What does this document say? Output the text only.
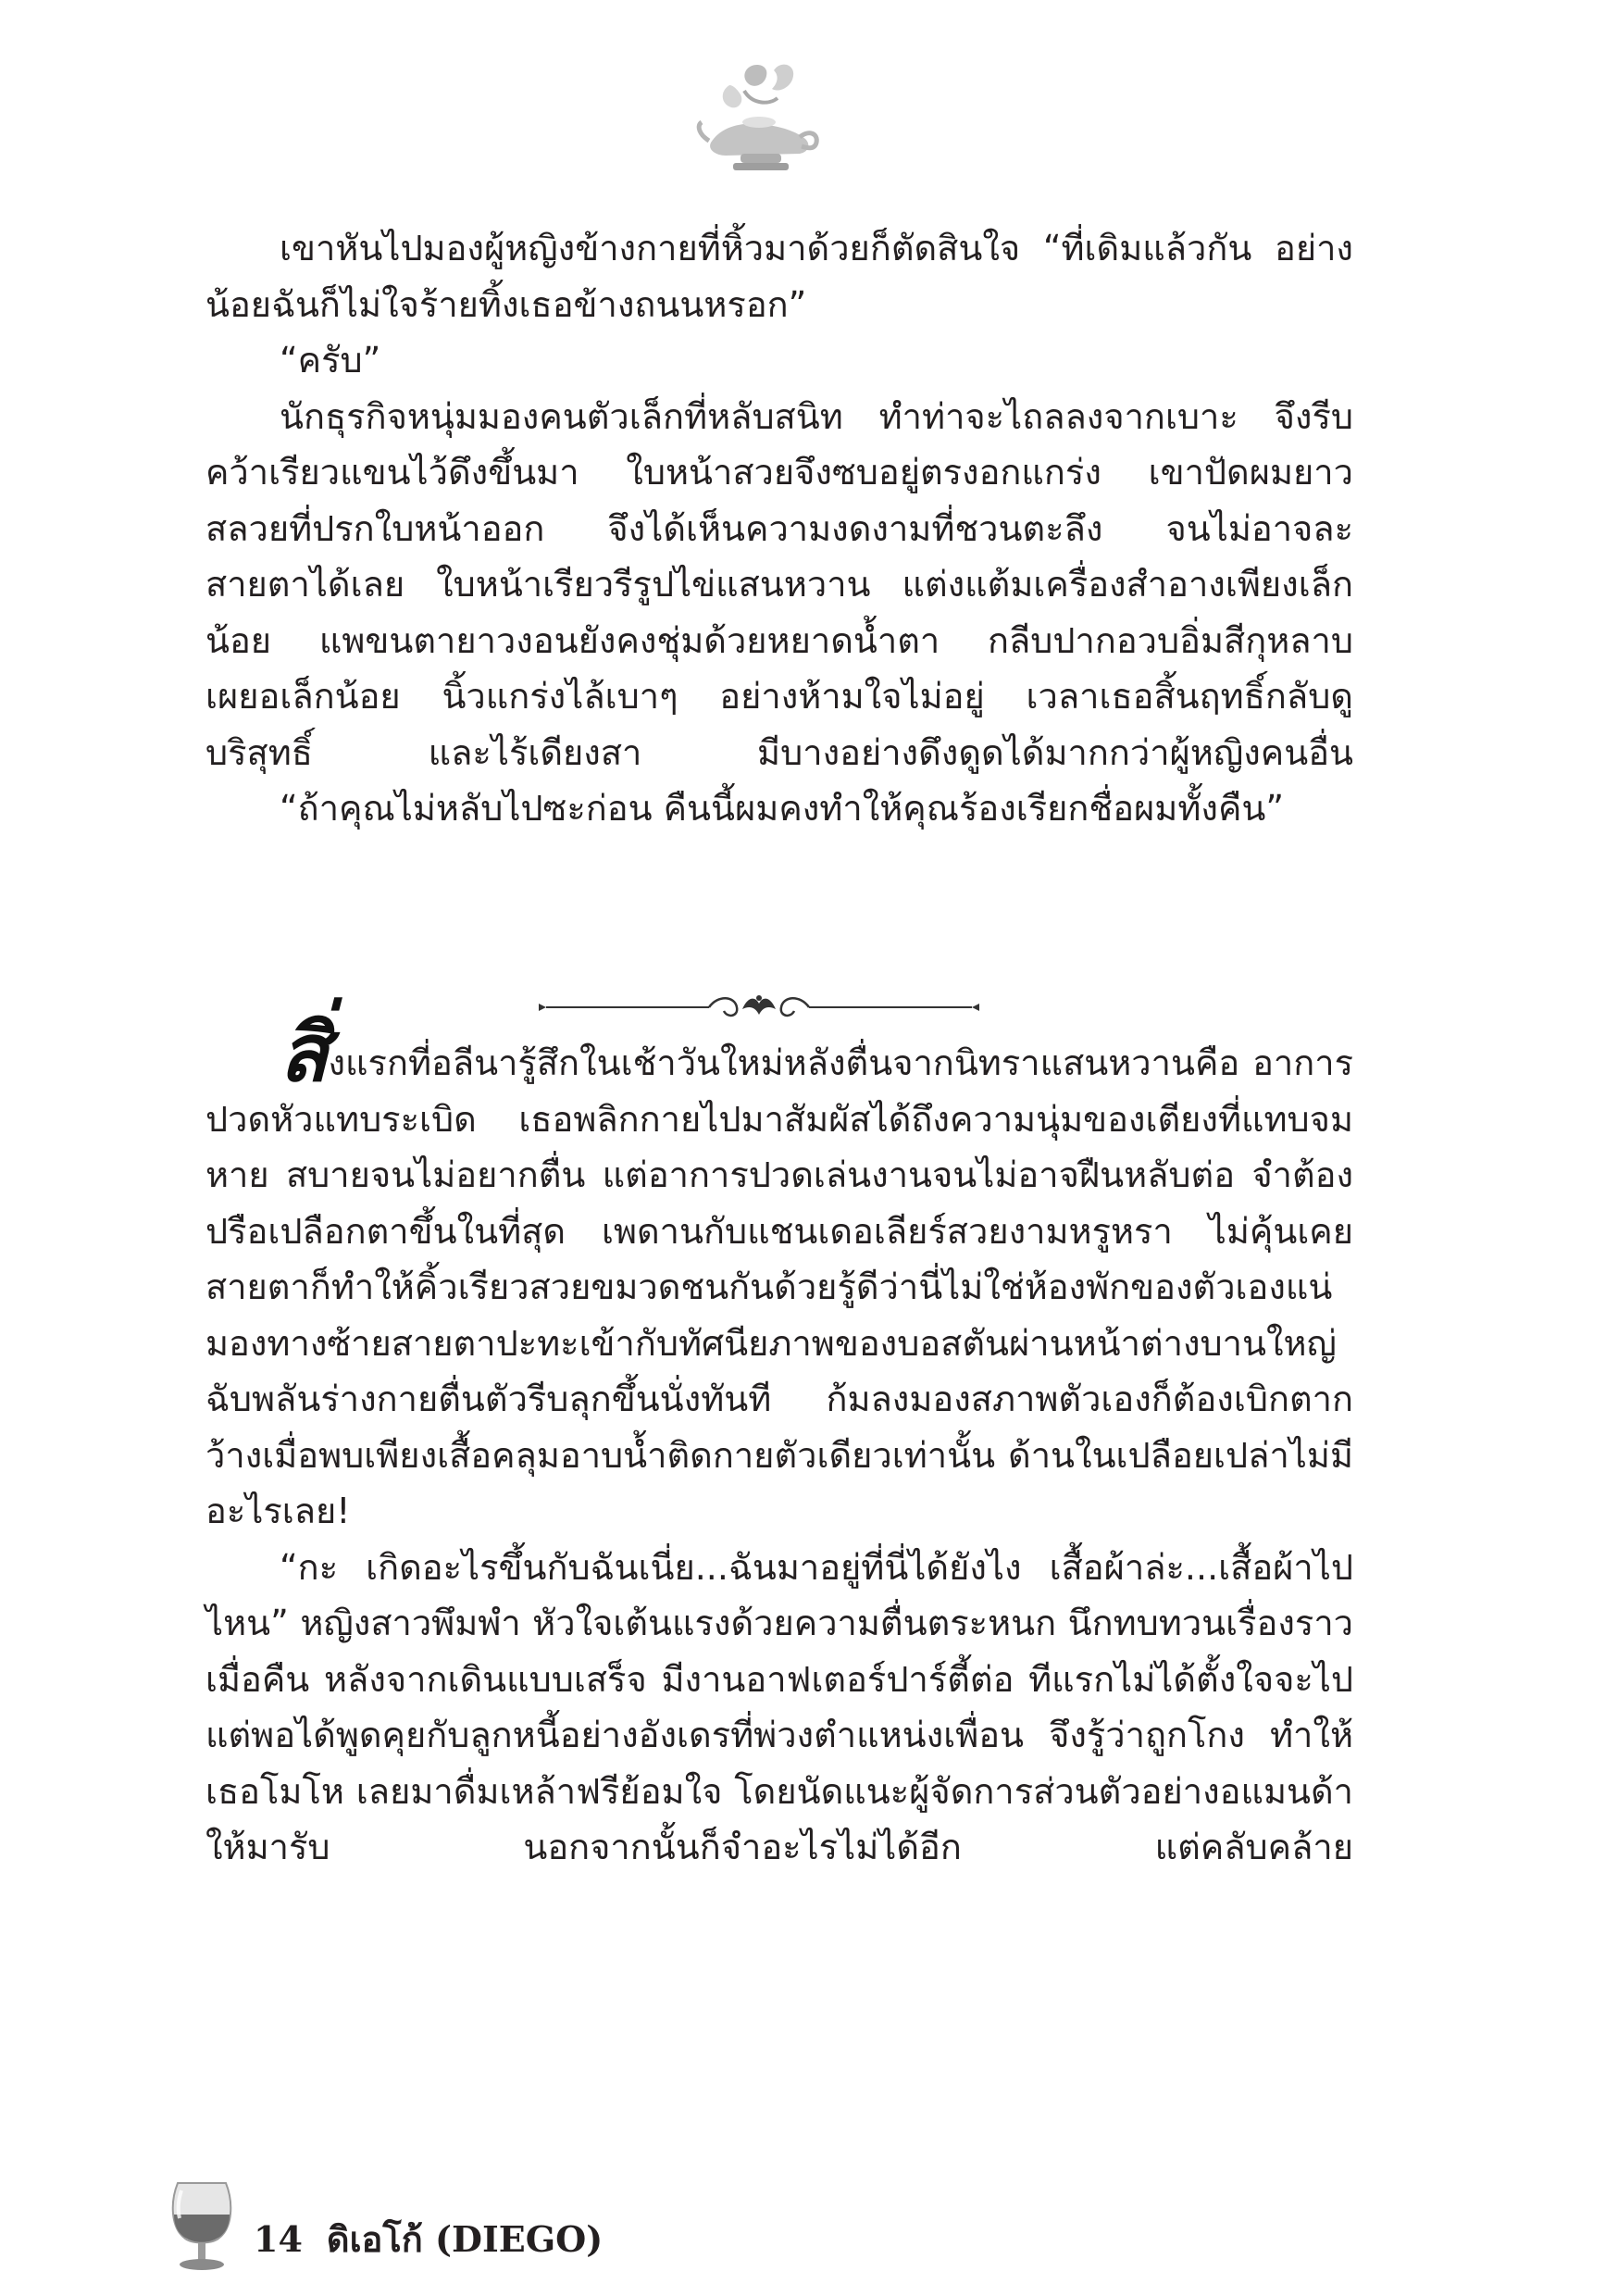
เขาหันไปมองผู้หญิงข้างกายที่หิ้วมาด้วยก็ตัดสินใจ “ที่เดิมแล้วกัน อย่างน้อยฉันก็ไม่ใจร้ายทิ้งเธอข้างถนนหรอก”

“ครับ”

นักธุรกิจหนุ่มมองคนตัวเล็กที่หลับสนิท ทำท่าจะไถลลงจากเบาะ จึงรีบคว้าเรียวแขนไว้ดึงขึ้นมา ใบหน้าสวยจึงซบอยู่ตรงอกแกร่ง เขาปัดผมยาวสลวยที่ปรกใบหน้าออก จึงได้เห็นความงดงามที่ชวนตะลึง จนไม่อาจละสายตาได้เลย ใบหน้าเรียวรีรูปไข่แสนหวาน แต่งแต้มเครื่องสำอางเพียงเล็กน้อย แพขนตายาวงอนยังคงชุ่มด้วยหยาดน้ำตา กลีบปากอวบอิ่มสีกุหลาบเผยอเล็กน้อย นิ้วแกร่งไล้เบาๆ อย่างห้ามใจไม่อยู่ เวลาเธอสิ้นฤทธิ์กลับดูบริสุทธิ์ และไร้เดียงสา มีบางอย่างดึงดูดได้มากกว่าผู้หญิงคนอื่น

“ถ้าคุณไม่หลับไปซะก่อน คืนนี้ผมคงทำให้คุณร้องเรียกชื่อผมทั้งคืน”

สิ่งแรกที่อลีนารู้สึกในเช้าวันใหม่หลังตื่นจากนิทราแสนหวานคือ อาการปวดหัวแทบระเบิด เธอพลิกกายไปมาสัมผัสได้ถึงความนุ่มของเตียงที่แทบจมหาย สบายจนไม่อยากตื่น แต่อาการปวดเล่นงานจนไม่อาจฝืนหลับต่อ จำต้องปรือเปลือกตาขึ้นในที่สุด เพดานกับแชนเดอเลียร์สวยงามหรูหรา ไม่คุ้นเคยสายตาก็ทำให้คิ้วเรียวสวยขมวดชนกันด้วยรู้ดีว่านี่ไม่ใช่ห้องพักของตัวเองแน่ มองทางซ้ายสายตาปะทะเข้ากับทัศนียภาพของบอสตันผ่านหน้าต่างบานใหญ่ ฉับพลันร่างกายตื่นตัวรีบลุกขึ้นนั่งทันที ก้มลงมองสภาพตัวเองก็ต้องเบิกตากว้างเมื่อพบเพียงเสื้อคลุมอาบน้ำติดกายตัวเดียวเท่านั้น ด้านในเปลือยเปล่าไม่มีอะไรเลย!

“กะ เกิดอะไรขึ้นกับฉันเนี่ย...ฉันมาอยู่ที่นี่ได้ยังไง เสื้อผ้าล่ะ...เสื้อผ้าไปไหน” หญิงสาวพึมพำ หัวใจเต้นแรงด้วยความตื่นตระหนก นึกทบทวนเรื่องราวเมื่อคืน หลังจากเดินแบบเสร็จ มีงานอาฟเตอร์ปาร์ตี้ต่อ ทีแรกไม่ได้ตั้งใจจะไป แต่พอได้พูดคุยกับลูกหนี้อย่างอังเดรที่พ่วงตำแหน่งเพื่อน จึงรู้ว่าถูกโกง ทำให้เธอโมโห เลยมาดื่มเหล้าฟรีย้อมใจ โดยนัดแนะผู้จัดการส่วนตัวอย่างอแมนด้าให้มารับ นอกจากนั้นก็จำอะไรไม่ได้อีก แต่คลับคล้าย

14 ดิเอโก้ (DIEGO)
